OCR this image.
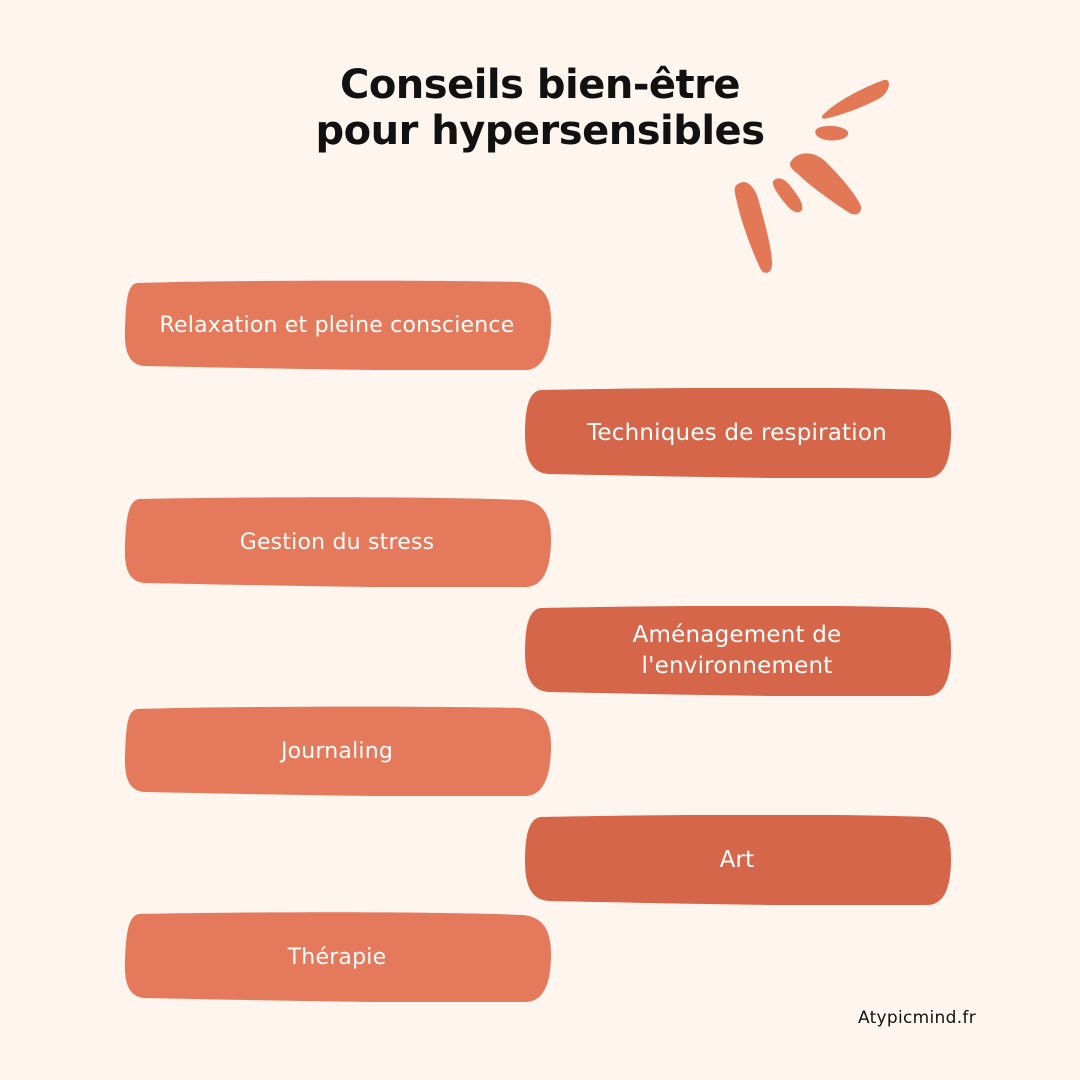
Conseils bien-être
pour hypersensibles
Relaxation et pleine conscience
Techniques de respiration
Gestion du stress
Aménagement de l'environnement
Journaling
Art
Thérapie
Atypicmind.fr
